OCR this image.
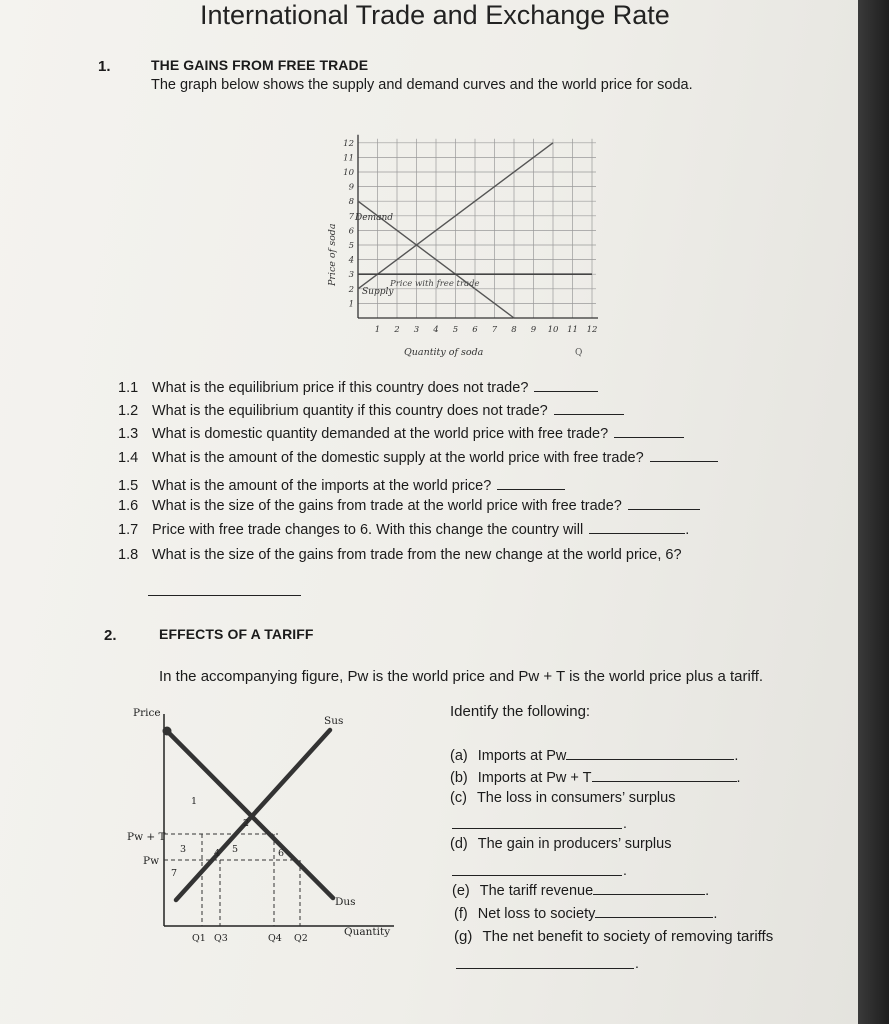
International Trade and Exchange Rate
1.	THE GAINS FROM FREE TRADE
The graph below shows the supply and demand curves and the world price for soda.
1
2
3
4
5
6
7
8
9
10
11
12
1 2 3 4 5 6 7 8 9 10 11 12
Demand
Supply
Price with free trade
Price of soda
Quantity of soda	Q
1.1 What is the equilibrium price if this country does not trade?
1.2 What is the equilibrium quantity if this country does not trade?
1.3 What is domestic quantity demanded at the world price with free trade?
1.4 What is the amount of the domestic supply at the world price with free trade?
1.5 What is the amount of the imports at the world price?
1.6 What is the size of the gains from trade at the world price with free trade?
1.7 Price with free trade changes to 6. With this change the country will	.
1.8 What is the size of the gains from trade from the new change at the world price, 6?
2.	EFFECTS OF A TARIFF
In the accompanying figure, Pw is the world price and Pw + T is the world price plus a tariff.
Price
Quantity
Sus
Dus
Pw + T
Pw
Q1 Q3	Q4 Q2
1
2
3	4 5	6
7
Identify the following:
(a) Imports at Pw	.
(b) Imports at Pw + T	.
(c) The loss in consumers’ surplus
.
(d) The gain in producers’ surplus
.
(e) The tariff revenue	.
(f) Net loss to society	.
(g) The net benefit to society of removing tariffs
.
